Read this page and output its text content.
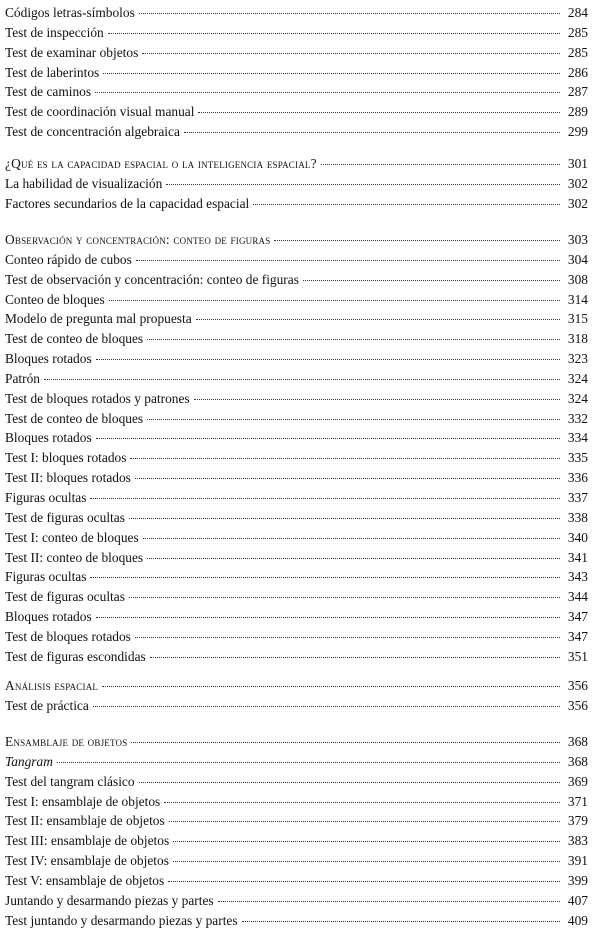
Códigos letras-símbolos	284
Test de inspección	285
Test de examinar objetos	285
Test de laberintos	286
Test de caminos	287
Test de coordinación visual manual	289
Test de concentración algebraica	299
¿Qué es la capacidad espacial o la inteligencia espacial?	301
La habilidad de visualización	302
Factores secundarios de la capacidad espacial	302
Observación y concentración: conteo de figuras	303
Conteo rápido de cubos	304
Test de observación y concentración: conteo de figuras	308
Conteo de bloques	314
Modelo de pregunta mal propuesta	315
Test de conteo de bloques	318
Bloques rotados	323
Patrón	324
Test de bloques rotados y patrones	324
Test de conteo de bloques	332
Bloques rotados	334
Test I: bloques rotados	335
Test II: bloques rotados	336
Figuras ocultas	337
Test de figuras ocultas	338
Test I: conteo de bloques	340
Test II: conteo de bloques	341
Figuras ocultas	343
Test de figuras ocultas	344
Bloques rotados	347
Test de bloques rotados	347
Test de figuras escondidas	351
Análisis espacial	356
Test de práctica	356
Ensamblaje de objetos	368
Tangram	368
Test del tangram clásico	369
Test I: ensamblaje de objetos	371
Test II: ensamblaje de objetos	379
Test III: ensamblaje de objetos	383
Test IV: ensamblaje de objetos	391
Test V: ensamblaje de objetos	399
Juntando y desarmando piezas y partes	407
Test juntando y desarmando piezas y partes	409
